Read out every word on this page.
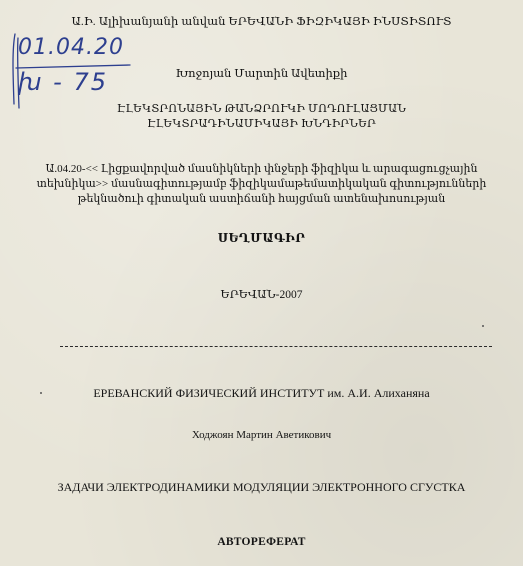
01.04.20
խ - 75
Ա.Ի. Ալիխանյանի անվան ԵՐԵՎԱՆԻ ՖԻԶԻԿԱՅԻ ԻՆՍՏԻՏՈՒՏ
Խոջոյան Մարտին Ավետիքի
ԷԼԵԿՏՐՈՆԱՅԻՆ ԹԱՆՁՐՈՒԿԻ ՄՈԴՈՒԼԱՑՄԱՆ
ԷԼԵԿՏՐԱԴԻՆԱՄԻԿԱՅԻ ԽՆԴԻՐՆԵՐ
Ա.04.20-<< Լիցքավորված մասնիկների փնջերի ֆիզիկա և արագացուցչային
տեխնիկա>> մասնագիտությամբ ֆիզիկամաթեմատիկական գիտությունների
թեկնածուի գիտական աստիճանի հայցման ատենախոսության
ՍԵՂՄԱԳԻՐ
ԵՐԵՎԱՆ-2007
ЕРЕВАНСКИЙ ФИЗИЧЕСКИЙ ИНСТИТУТ им. А.И. Алиханяна
Ходжоян Мартин Аветикович
ЗАДАЧИ ЭЛЕКТРОДИНАМИКИ МОДУЛЯЦИИ ЭЛЕКТРОННОГО СГУСТКА
АВТОРЕФЕРАТ
